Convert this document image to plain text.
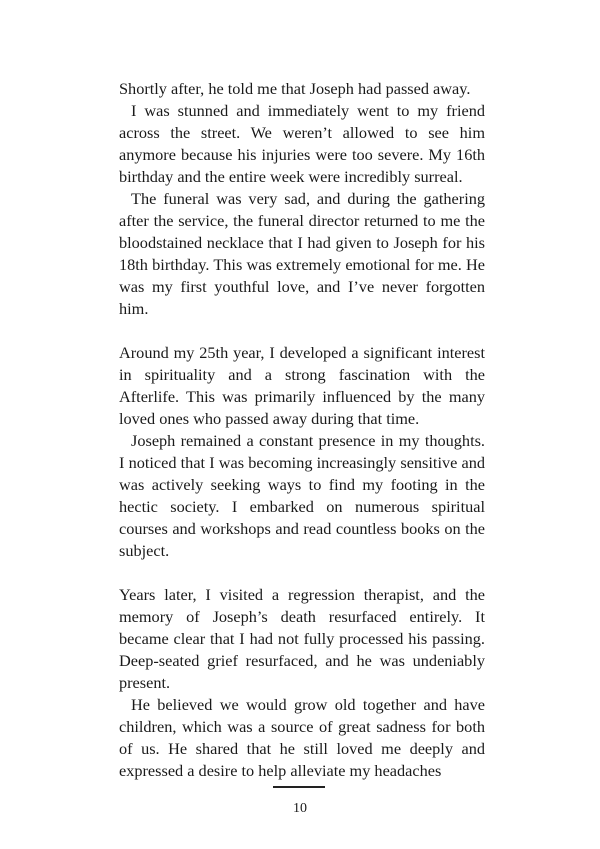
Shortly after, he told me that Joseph had passed away.

I was stunned and immediately went to my friend across the street. We weren’t allowed to see him anymore because his injuries were too severe. My 16th birthday and the entire week were incredibly surreal.

The funeral was very sad, and during the gathering after the service, the funeral director returned to me the bloodstained necklace that I had given to Joseph for his 18th birthday. This was extremely emotional for me. He was my first youthful love, and I’ve never forgotten him.

Around my 25th year, I developed a significant interest in spirituality and a strong fascination with the Afterlife. This was primarily influenced by the many loved ones who passed away during that time.

Joseph remained a constant presence in my thoughts. I noticed that I was becoming increasingly sensitive and was actively seeking ways to find my footing in the hectic society. I embarked on numerous spiritual courses and workshops and read countless books on the subject.

Years later, I visited a regression therapist, and the memory of Joseph’s death resurfaced entirely. It became clear that I had not fully processed his passing. Deep-seated grief resurfaced, and he was undeniably present.

He believed we would grow old together and have children, which was a source of great sadness for both of us. He shared that he still loved me deeply and expressed a desire to help alleviate my headaches

10
